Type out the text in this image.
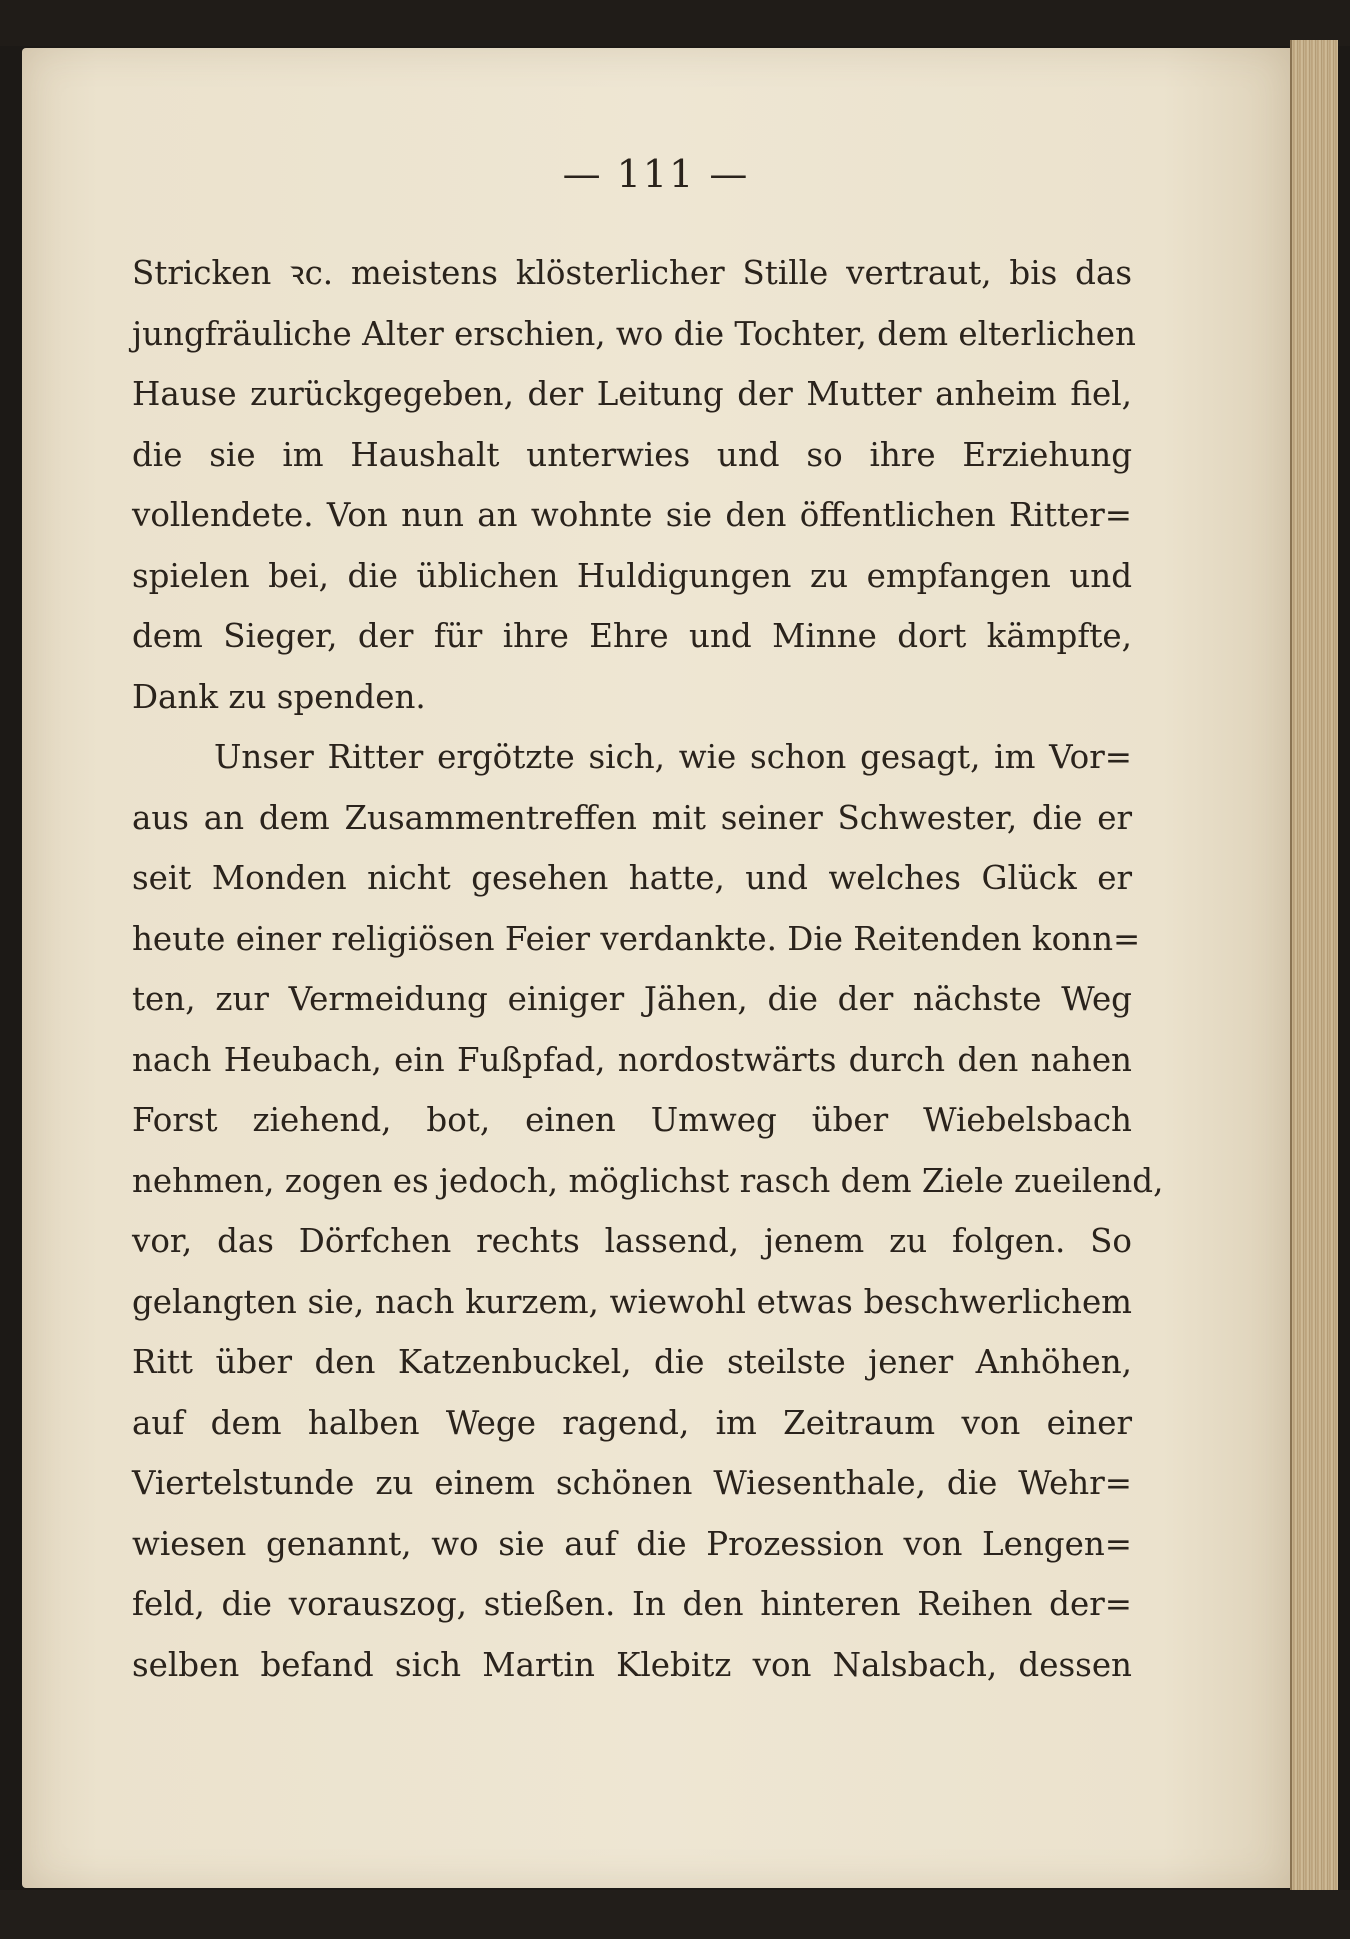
— 111 —
Stricken ꝛc. meistens klösterlicher Stille vertraut, bis das
jungfräuliche Alter erschien, wo die Tochter, dem elterlichen
Hause zurückgegeben, der Leitung der Mutter anheim fiel,
die sie im Haushalt unterwies und so ihre Erziehung
vollendete. Von nun an wohnte sie den öffentlichen Ritter=
spielen bei, die üblichen Huldigungen zu empfangen und
dem Sieger, der für ihre Ehre und Minne dort kämpfte,
Dank zu spenden.
Unser Ritter ergötzte sich, wie schon gesagt, im Vor=
aus an dem Zusammentreffen mit seiner Schwester, die er
seit Monden nicht gesehen hatte, und welches Glück er
heute einer religiösen Feier verdankte. Die Reitenden konn=
ten, zur Vermeidung einiger Jähen, die der nächste Weg
nach Heubach, ein Fußpfad, nordostwärts durch den nahen
Forst ziehend, bot, einen Umweg über Wiebelsbach
nehmen, zogen es jedoch, möglichst rasch dem Ziele zueilend,
vor, das Dörfchen rechts lassend, jenem zu folgen. So
gelangten sie, nach kurzem, wiewohl etwas beschwerlichem
Ritt über den Katzenbuckel, die steilste jener Anhöhen,
auf dem halben Wege ragend, im Zeitraum von einer
Viertelstunde zu einem schönen Wiesenthale, die Wehr=
wiesen genannt, wo sie auf die Prozession von Lengen=
feld, die vorauszog, stießen. In den hinteren Reihen der=
selben befand sich Martin Klebitz von Nalsbach, dessen
